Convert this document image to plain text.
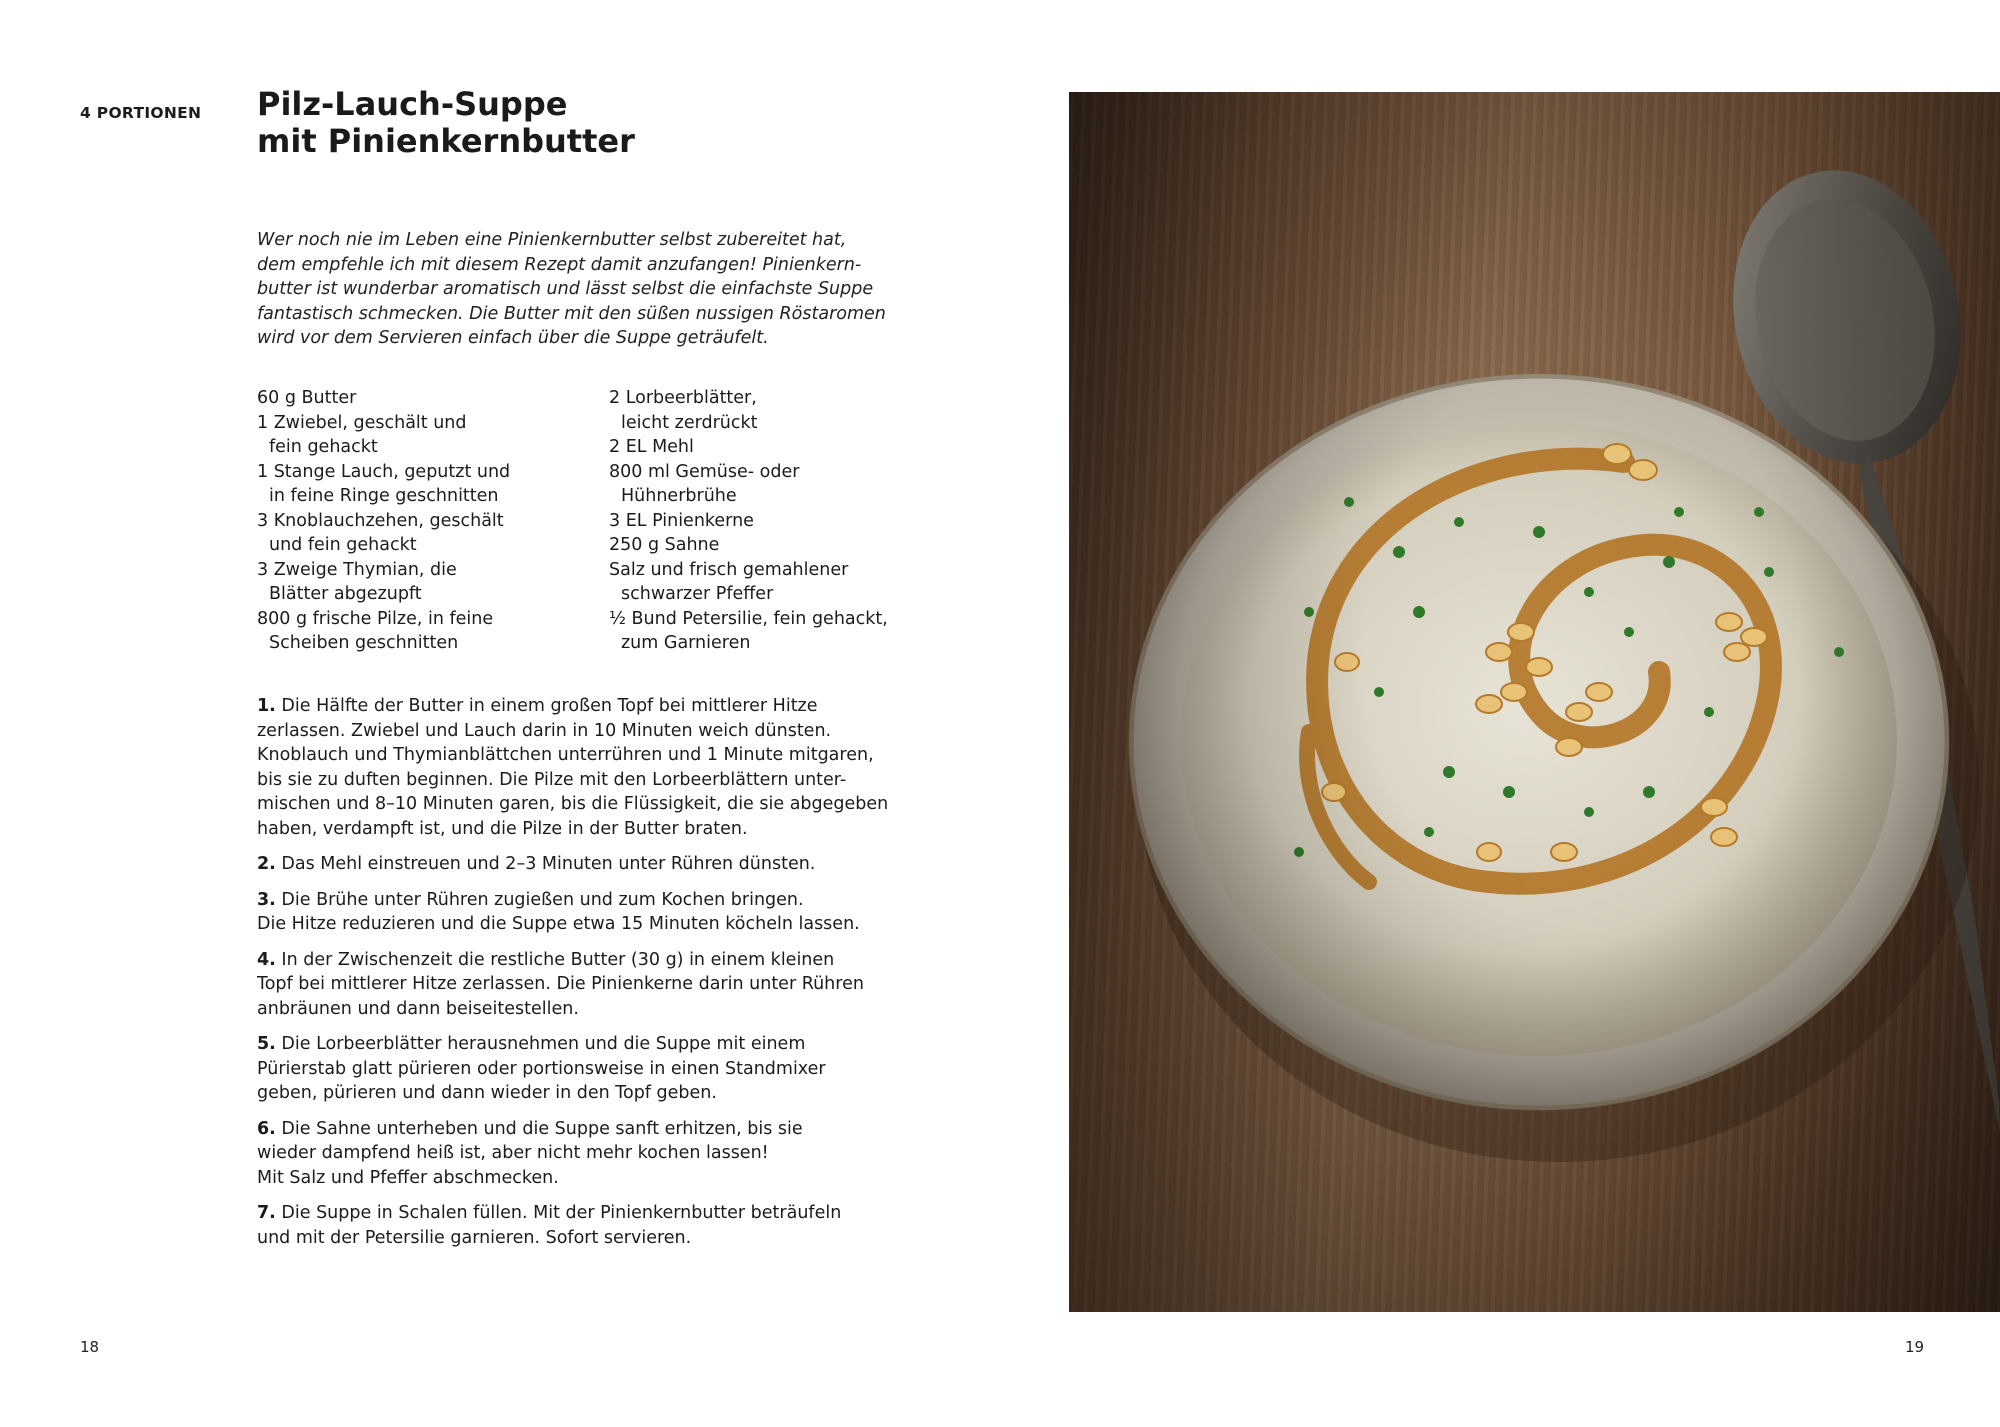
4 PORTIONEN Pilz-Lauch-Suppe
mit Pinienkernbutter
Wer noch nie im Leben eine Pinienkernbutter selbst zubereitet hat,
dem empfehle ich mit diesem Rezept damit anzufangen! Pinienkern-
butter ist wunderbar aromatisch und lässt selbst die einfachste Suppe
fantastisch schmecken. Die Butter mit den süßen nussigen Röstaromen
wird vor dem Servieren einfach über die Suppe geträufelt.
60 g Butter
1 Zwiebel, geschält und
fein gehackt
1 Stange Lauch, geputzt und
in feine Ringe geschnitten
3 Knoblauchzehen, geschält
und fein gehackt
3 Zweige Thymian, die
Blätter abgezupft
800 g frische Pilze, in feine
Scheiben geschnitten
2 Lorbeerblätter,
leicht zerdrückt
2 EL Mehl
800 ml Gemüse- oder
Hühnerbrühe
3 EL Pinienkerne
250 g Sahne
Salz und frisch gemahlener
schwarzer Pfeffer
½ Bund Petersilie, fein gehackt,
zum Garnieren
1. Die Hälfte der Butter in einem großen Topf bei mittlerer Hitze
zerlassen. Zwiebel und Lauch darin in 10 Minuten weich dünsten.
Knoblauch und Thymianblättchen unterrühren und 1 Minute mitgaren,
bis sie zu duften beginnen. Die Pilze mit den Lorbeerblättern unter-
mischen und 8–10 Minuten garen, bis die Flüssigkeit, die sie abgegeben
haben, verdampft ist, und die Pilze in der Butter braten.
2. Das Mehl einstreuen und 2–3 Minuten unter Rühren dünsten.
3. Die Brühe unter Rühren zugießen und zum Kochen bringen.
Die Hitze reduzieren und die Suppe etwa 15 Minuten köcheln lassen.
4. In der Zwischenzeit die restliche Butter (30 g) in einem kleinen
Topf bei mittlerer Hitze zerlassen. Die Pinienkerne darin unter Rühren
anbräunen und dann beiseitestellen.
5. Die Lorbeerblätter herausnehmen und die Suppe mit einem
Pürierstab glatt pürieren oder portionsweise in einen Standmixer
geben, pürieren und dann wieder in den Topf geben.
6. Die Sahne unterheben und die Suppe sanft erhitzen, bis sie
wieder dampfend heiß ist, aber nicht mehr kochen lassen!
Mit Salz und Pfeffer abschmecken.
7. Die Suppe in Schalen füllen. Mit der Pinienkernbutter beträufeln
und mit der Petersilie garnieren. Sofort servieren.
18	19
